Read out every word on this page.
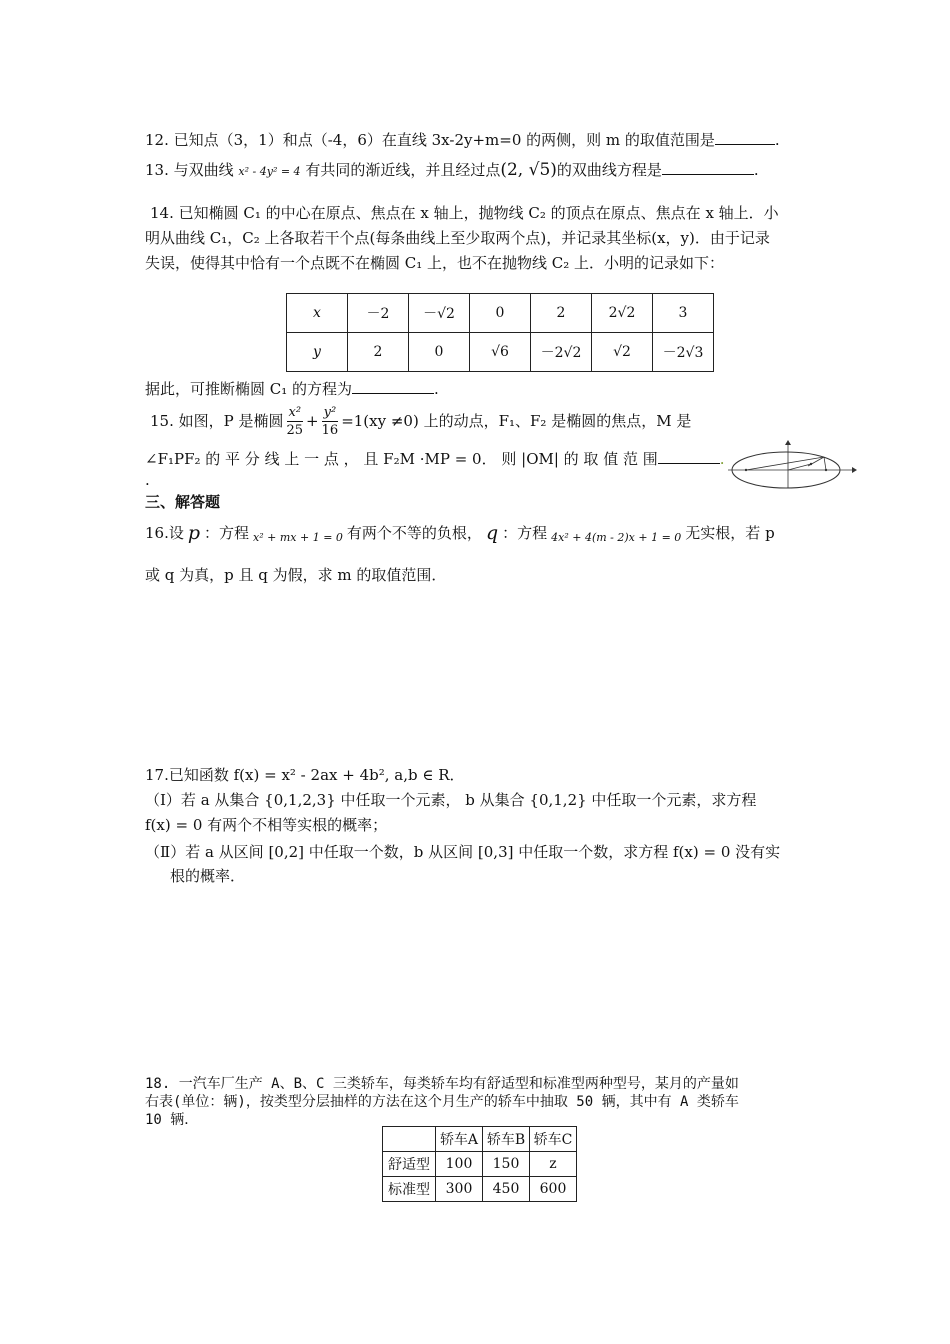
12. 已知点（3，1）和点（-4，6）在直线 3x-2y+m=0 的两侧，则 m 的取值范围是	.
13. 与双曲线 x² - 4y² = 4 有共同的渐近线，并且经过点(2, √5)的双曲线方程是	.
14. 已知椭圆 C₁ 的中心在原点、焦点在 x 轴上，抛物线 C₂ 的顶点在原点、焦点在 x 轴上．小
明从曲线 C₁，C₂ 上各取若干个点(每条曲线上至少取两个点)，并记录其坐标(x，y)．由于记录
失误，使得其中恰有一个点既不在椭圆 C₁ 上，也不在抛物线 C₂ 上．小明的记录如下：
x	－2	－√2	0	2	2√2	3
y	2	0	√6	－2√2	√2	－2√3
据此，可推断椭圆 C₁ 的方程为	.
15. 如图，P 是椭圆 $\frac{\text{x²}}{25} + \frac{\text{y²}}{16} =1(xy \ne 0)$ 上的动点，F₁、F₂ 是椭圆的焦点，M 是
∠F₁PF₂ 的 平 分 线 上 一 点 ， 且 F₂M ·MP = 0． 则 |OM| 的 取 值 范 围	.
.
三、解答题
16.设 p ：方程 x² + mx + 1 = 0 有两个不等的负根， q ：方程 4x² + 4(m - 2)x + 1 = 0 无实根，若 p
或 q 为真，p 且 q 为假，求 m 的取值范围．
17.已知函数 f(x) = x² - 2ax + 4b², a,b ∈ R．
（Ⅰ）若 a 从集合 {0,1,2,3} 中任取一个元素， b 从集合 {0,1,2} 中任取一个元素，求方程
f(x) = 0 有两个不相等实根的概率；
（Ⅱ）若 a 从区间 [0,2] 中任取一个数，b 从区间 [0,3] 中任取一个数，求方程 f(x) = 0 没有实
根的概率．
18. 一汽车厂生产 A、B、C 三类轿车，每类轿车均有舒适型和标准型两种型号，某月的产量如
右表(单位：辆)，按类型分层抽样的方法在这个月生产的轿车中抽取 50 辆，其中有 A 类轿车
10 辆．
	轿车A	轿车B	轿车C
舒适型	100	150	z
标准型	300	450	600
